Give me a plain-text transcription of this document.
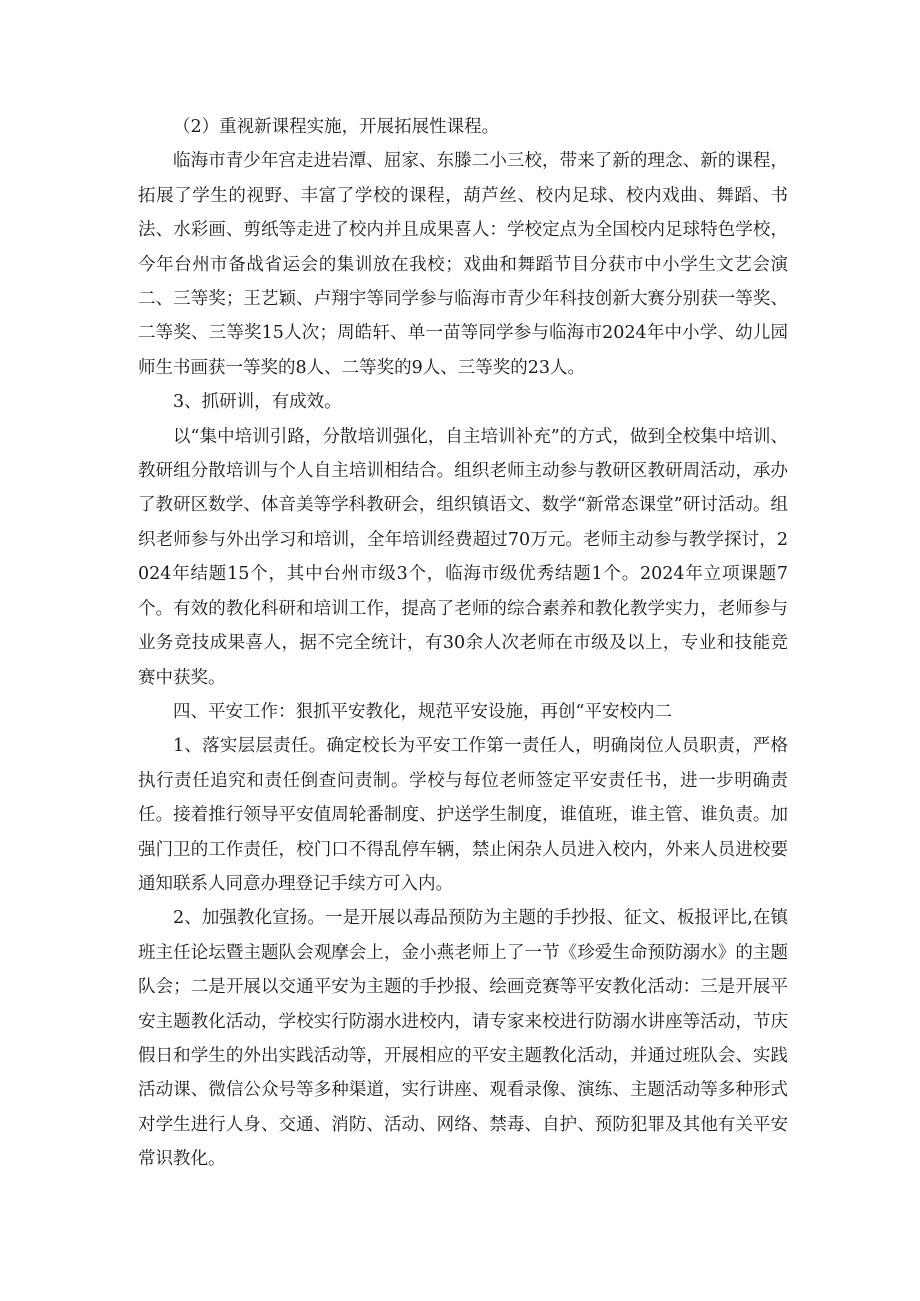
（2）重视新课程实施，开展拓展性课程。

临海市青少年宫走进岩潭、屈家、东滕二小三校，带来了新的理念、新的课程，拓展了学生的视野、丰富了学校的课程，葫芦丝、校内足球、校内戏曲、舞蹈、书法、水彩画、剪纸等走进了校内并且成果喜人：学校定点为全国校内足球特色学校，今年台州市备战省运会的集训放在我校；戏曲和舞蹈节目分获市中小学生文艺会演二、三等奖；王艺颖、卢翔宇等同学参与临海市青少年科技创新大赛分别获一等奖、二等奖、三等奖15人次；周皓轩、单一苗等同学参与临海市2024年中小学、幼儿园师生书画获一等奖的8人、二等奖的9人、三等奖的23人。

3、抓研训，有成效。

以“集中培训引路，分散培训强化，自主培训补充”的方式，做到全校集中培训、教研组分散培训与个人自主培训相结合。组织老师主动参与教研区教研周活动，承办了教研区数学、体音美等学科教研会，组织镇语文、数学“新常态课堂”研讨活动。组织老师参与外出学习和培训，全年培训经费超过70万元。老师主动参与教学探讨，2024年结题15个，其中台州市级3个，临海市级优秀结题1个。2024年立项课题7个。有效的教化科研和培训工作，提高了老师的综合素养和教化教学实力，老师参与业务竞技成果喜人，据不完全统计，有30余人次老师在市级及以上，专业和技能竞赛中获奖。

四、平安工作：狠抓平安教化，规范平安设施，再创“平安校内二

1、落实层层责任。确定校长为平安工作第一责任人，明确岗位人员职责，严格执行责任追究和责任倒查问责制。学校与每位老师签定平安责任书，进一步明确责任。接着推行领导平安值周轮番制度、护送学生制度，谁值班，谁主管、谁负责。加强门卫的工作责任，校门口不得乱停车辆，禁止闲杂人员进入校内，外来人员进校要通知联系人同意办理登记手续方可入内。

2、加强教化宣扬。一是开展以毒品预防为主题的手抄报、征文、板报评比,在镇班主任论坛暨主题队会观摩会上，金小燕老师上了一节《珍爱生命预防溺水》的主题队会；二是开展以交通平安为主题的手抄报、绘画竞赛等平安教化活动：三是开展平安主题教化活动，学校实行防溺水进校内，请专家来校进行防溺水讲座等活动，节庆假日和学生的外出实践活动等，开展相应的平安主题教化活动，并通过班队会、实践活动课、微信公众号等多种渠道，实行讲座、观看录像、演练、主题活动等多种形式对学生进行人身、交通、消防、活动、网络、禁毒、自护、预防犯罪及其他有关平安常识教化。
